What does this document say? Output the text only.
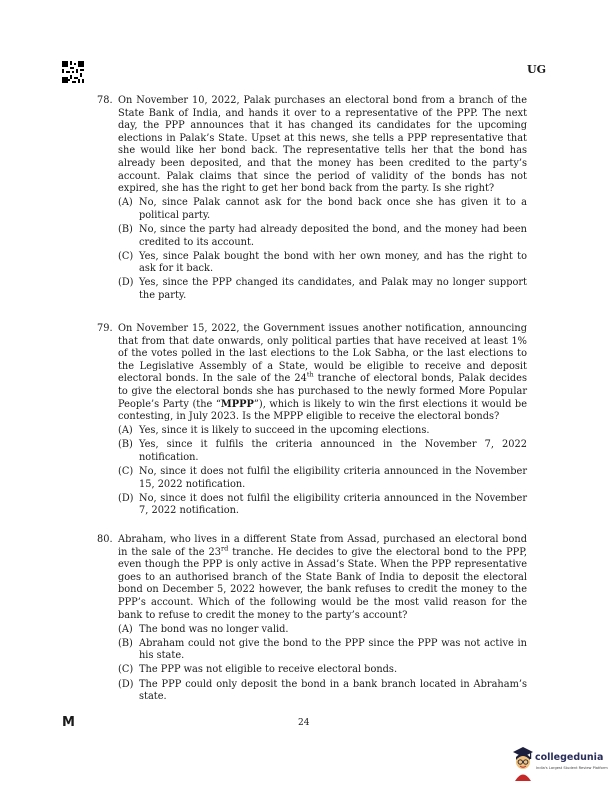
UG
78. On November 10, 2022, Palak purchases an electoral bond from a branch of the State Bank of India, and hands it over to a representative of the PPP. The next day, the PPP announces that it has changed its candidates for the upcoming elections in Palak’s State. Upset at this news, she tells a PPP representative that she would like her bond back. The representative tells her that the bond has already been deposited, and that the money has been credited to the party’s account. Palak claims that since the period of validity of the bonds has not expired, she has the right to get her bond back from the party. Is she right?
(A) No, since Palak cannot ask for the bond back once she has given it to a political party.
(B) No, since the party had already deposited the bond, and the money had been credited to its account.
(C) Yes, since Palak bought the bond with her own money, and has the right to ask for it back.
(D) Yes, since the PPP changed its candidates, and Palak may no longer support the party.
79. On November 15, 2022, the Government issues another notification, announcing that from that date onwards, only political parties that have received at least 1% of the votes polled in the last elections to the Lok Sabha, or the last elections to the Legislative Assembly of a State, would be eligible to receive and deposit electoral bonds. In the sale of the 24th tranche of electoral bonds, Palak decides to give the electoral bonds she has purchased to the newly formed More Popular People’s Party (the “MPPP”), which is likely to win the first elections it would be contesting, in July 2023. Is the MPPP eligible to receive the electoral bonds?
(A) Yes, since it is likely to succeed in the upcoming elections.
(B) Yes, since it fulfils the criteria announced in the November 7, 2022 notification.
(C) No, since it does not fulfil the eligibility criteria announced in the November 15, 2022 notification.
(D) No, since it does not fulfil the eligibility criteria announced in the November 7, 2022 notification.
80. Abraham, who lives in a different State from Assad, purchased an electoral bond in the sale of the 23rd tranche. He decides to give the electoral bond to the PPP, even though the PPP is only active in Assad’s State. When the PPP representative goes to an authorised branch of the State Bank of India to deposit the electoral bond on December 5, 2022 however, the bank refuses to credit the money to the PPP’s account. Which of the following would be the most valid reason for the bank to refuse to credit the money to the party’s account?
(A) The bond was no longer valid.
(B) Abraham could not give the bond to the PPP since the PPP was not active in his state.
(C) The PPP was not eligible to receive electoral bonds.
(D) The PPP could only deposit the bond in a bank branch located in Abraham’s state.
M	24
collegedunia
India's Largest Student Review Platform
